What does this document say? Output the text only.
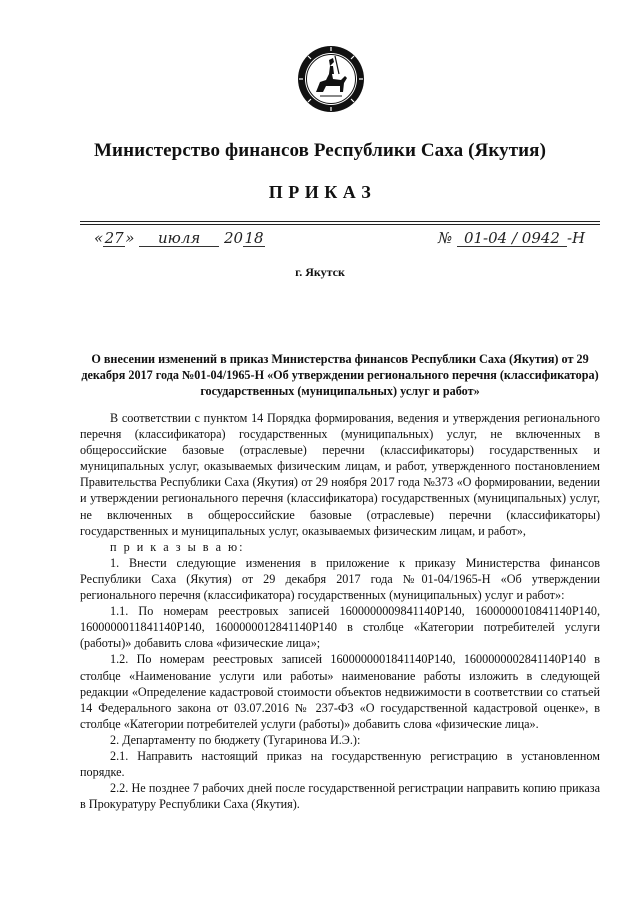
Министерство финансов Республики Саха (Якутия)
П Р И К А З
«27» июля 2018	№ 01-04 / 0942 -Н
г. Якутск
О внесении изменений в приказ Министерства финансов Республики Саха (Якутия) от 29 декабря 2017 года №01-04/1965-Н «Об утверждении регионального перечня (классификатора) государственных (муниципальных) услуг и работ»

В соответствии с пунктом 14 Порядка формирования, ведения и утверждения регионального перечня (классификатора) государственных (муниципальных) услуг, не включенных в общероссийские базовые (отраслевые) перечни (классификаторы) государственных и муниципальных услуг, оказываемых физическим лицам, и работ, утвержденного постановлением Правительства Республики Саха (Якутия) от 29 ноября 2017 года №373 «О формировании, ведении и утверждении регионального перечня (классификатора) государственных (муниципальных) услуг, не включенных в общероссийские базовые (отраслевые) перечни (классификаторы) государственных и муниципальных услуг, оказываемых физическим лицам, и работ»,

п р и к а з ы в а ю:

1. Внести следующие изменения в приложение к приказу Министерства финансов Республики Саха (Якутия) от 29 декабря 2017 года №01-04/1965-Н «Об утверждении регионального перечня (классификатора) государственных (муниципальных) услуг и работ»:

1.1. По номерам реестровых записей 1600000009841140Р140, 1600000010841140Р140, 1600000011841140Р140, 1600000012841140Р140 в столбце «Категории потребителей услуги (работы)» добавить слова «физические лица»;

1.2. По номерам реестровых записей 1600000001841140Р140, 1600000002841140Р140 в столбце «Наименование услуги или работы» наименование работы изложить в следующей редакции «Определение кадастровой стоимости объектов недвижимости в соответствии со статьей 14 Федерального закона от 03.07.2016 № 237-ФЗ «О государственной кадастровой оценке», в столбце «Категории потребителей услуги (работы)» добавить слова «физические лица».

2. Департаменту по бюджету (Тугаринова И.Э.):

2.1. Направить настоящий приказ на государственную регистрацию в установленном порядке.

2.2. Не позднее 7 рабочих дней после государственной регистрации направить копию приказа в Прокуратуру Республики Саха (Якутия).
